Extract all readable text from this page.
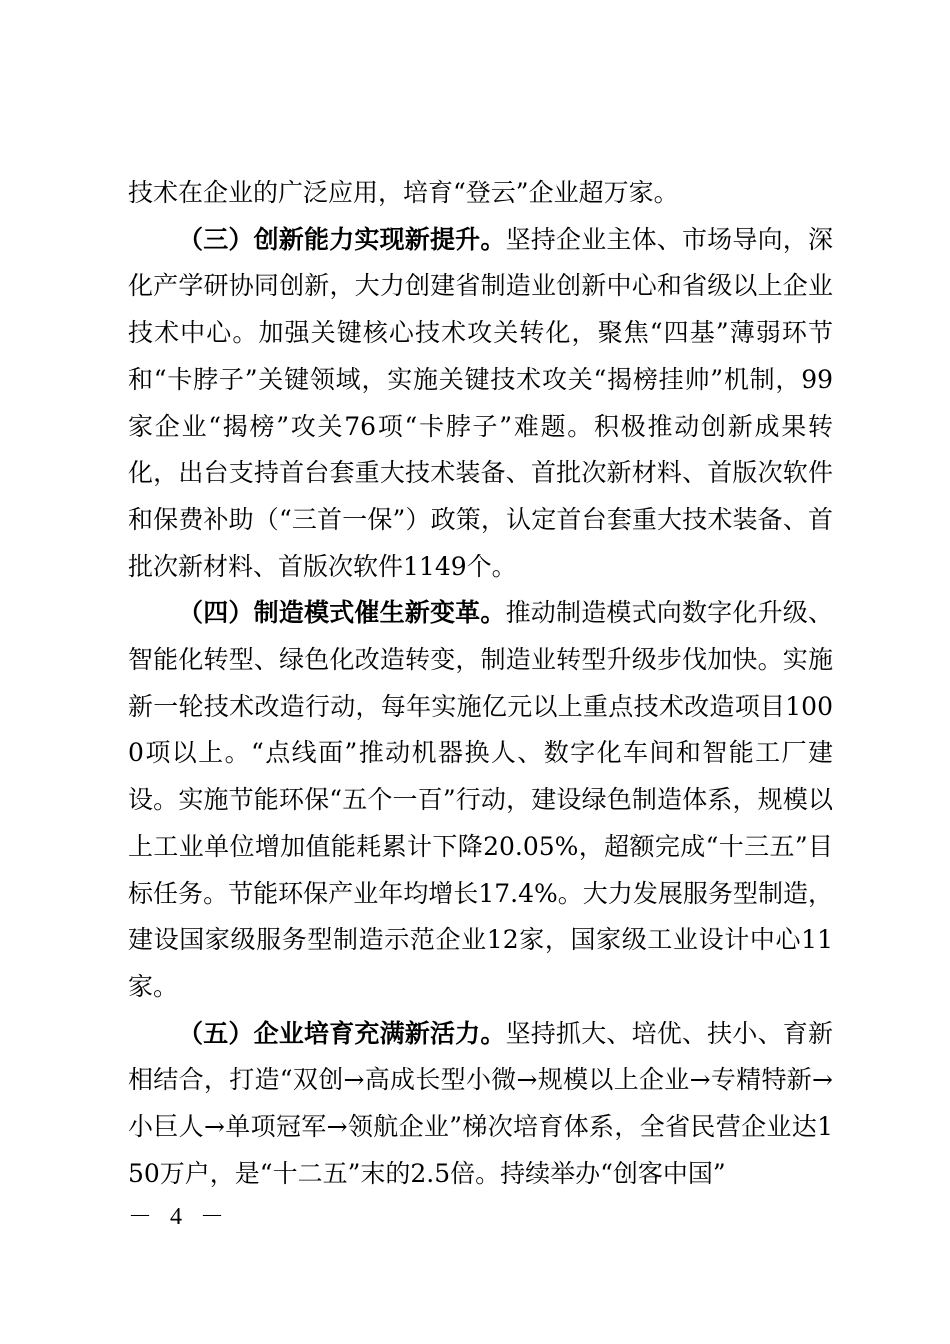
技术在企业的广泛应用，培育“登云”企业超万家。

（三）创新能力实现新提升。坚持企业主体、市场导向，深化产学研协同创新，大力创建省制造业创新中心和省级以上企业技术中心。加强关键核心技术攻关转化，聚焦“四基”薄弱环节和“卡脖子”关键领域，实施关键技术攻关“揭榜挂帅”机制，99家企业“揭榜”攻关76项“卡脖子”难题。积极推动创新成果转化，出台支持首台套重大技术装备、首批次新材料、首版次软件和保费补助（“三首一保”）政策，认定首台套重大技术装备、首批次新材料、首版次软件1149个。

（四）制造模式催生新变革。推动制造模式向数字化升级、智能化转型、绿色化改造转变，制造业转型升级步伐加快。实施新一轮技术改造行动，每年实施亿元以上重点技术改造项目1000项以上。“点线面”推动机器换人、数字化车间和智能工厂建设。实施节能环保“五个一百”行动，建设绿色制造体系，规模以上工业单位增加值能耗累计下降20.05%，超额完成“十三五”目标任务。节能环保产业年均增长17.4%。大力发展服务型制造，建设国家级服务型制造示范企业12家，国家级工业设计中心11家。

（五）企业培育充满新活力。坚持抓大、培优、扶小、育新相结合，打造“双创→高成长型小微→规模以上企业→专精特新→小巨人→单项冠军→领航企业”梯次培育体系，全省民营企业达150万户，是“十二五”末的2.5倍。持续举办“创客中国”

－ 4 －
